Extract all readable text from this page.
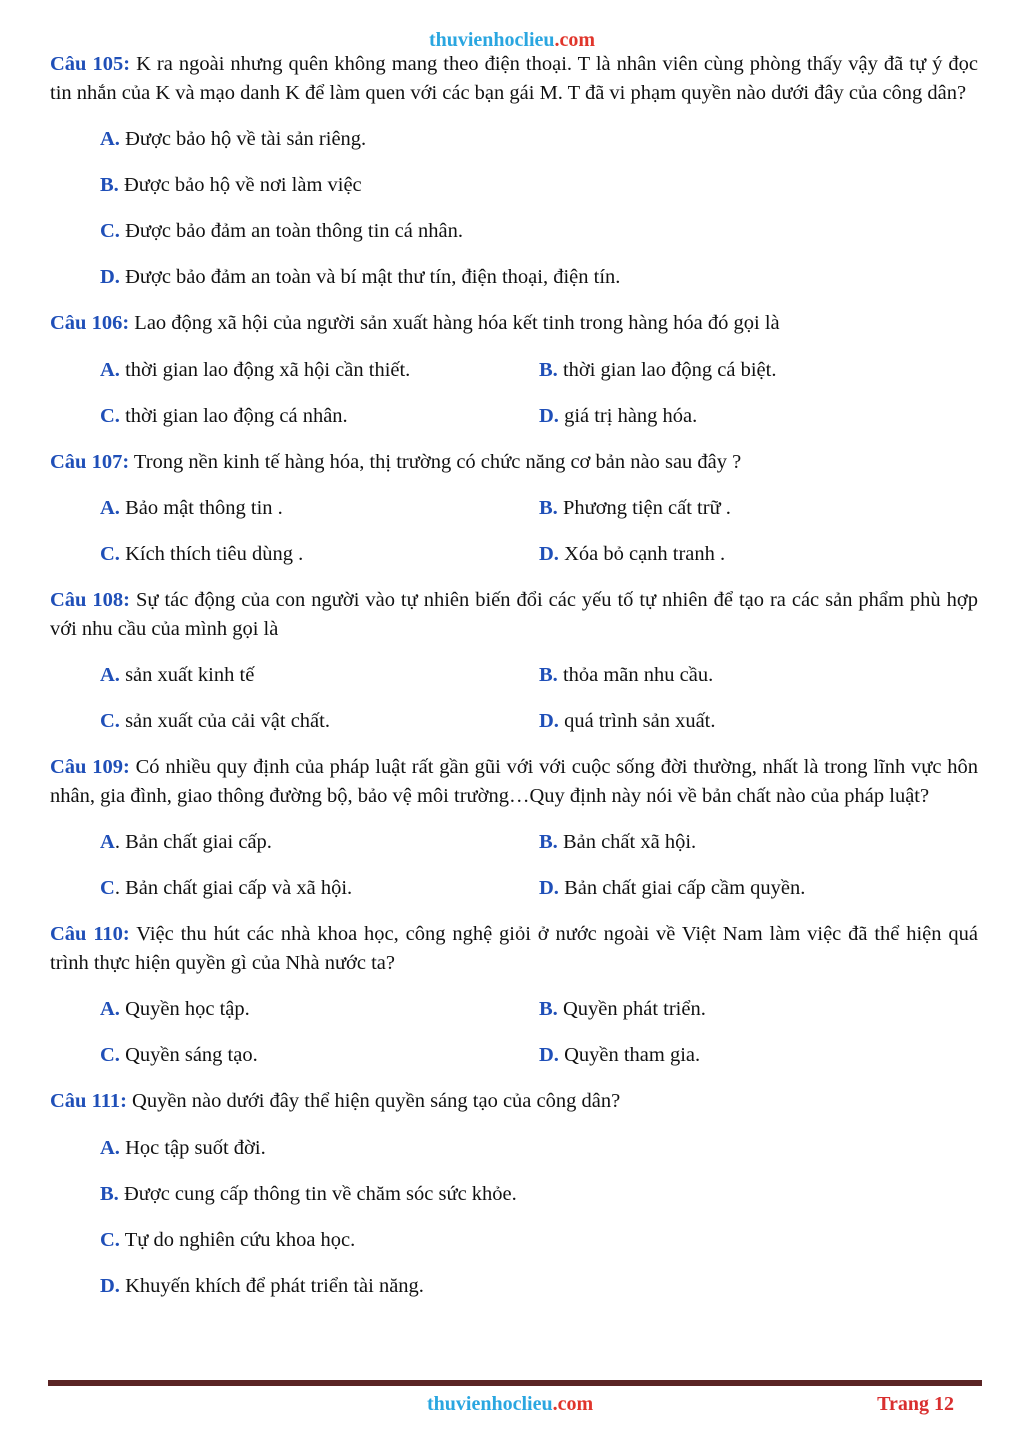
thuvienhoclieu.com

Câu 105: K ra ngoài nhưng quên không mang theo điện thoại. T là nhân viên cùng phòng thấy vậy đã tự ý đọc tin nhắn của K và mạo danh K để làm quen với các bạn gái M. T đã vi phạm quyền nào dưới đây của công dân?

A. Được bảo hộ về tài sản riêng.
B. Được bảo hộ về nơi làm việc
C. Được bảo đảm an toàn thông tin cá nhân.
D. Được bảo đảm an toàn và bí mật thư tín, điện thoại, điện tín.

Câu 106: Lao động xã hội của người sản xuất hàng hóa kết tinh trong hàng hóa đó gọi là

A. thời gian lao động xã hội cần thiết.	B. thời gian lao động cá biệt.
C. thời gian lao động cá nhân.	D. giá trị hàng hóa.

Câu 107: Trong nền kinh tế hàng hóa, thị trường có chức năng cơ bản nào sau đây ?

A. Bảo mật thông tin .	B. Phương tiện cất trữ .
C. Kích thích tiêu dùng .	D. Xóa bỏ cạnh tranh .

Câu 108: Sự tác động của con người vào tự nhiên biến đổi các yếu tố tự nhiên để tạo ra các sản phẩm phù hợp với nhu cầu của mình gọi là

A. sản xuất kinh tế	B. thỏa mãn nhu cầu.
C. sản xuất của cải vật chất.	D. quá trình sản xuất.

Câu 109: Có nhiều quy định của pháp luật rất gần gũi với với cuộc sống đời thường, nhất là trong lĩnh vực hôn nhân, gia đình, giao thông đường bộ, bảo vệ môi trường…Quy định này nói về bản chất nào của pháp luật?

A. Bản chất giai cấp.	B. Bản chất xã hội.
C. Bản chất giai cấp và xã hội.	D. Bản chất giai cấp cầm quyền.

Câu 110: Việc thu hút các nhà khoa học, công nghệ giỏi ở nước ngoài về Việt Nam làm việc đã thể hiện quá trình thực hiện quyền gì của Nhà nước ta?

A. Quyền học tập.	B. Quyền phát triển.
C. Quyền sáng tạo.	D. Quyền tham gia.

Câu 111: Quyền nào dưới đây thể hiện quyền sáng tạo của công dân?

A. Học tập suốt đời.
B. Được cung cấp thông tin về chăm sóc sức khỏe.
C. Tự do nghiên cứu khoa học.
D. Khuyến khích để phát triển tài năng.
thuvienhoclieu.com	Trang 12
